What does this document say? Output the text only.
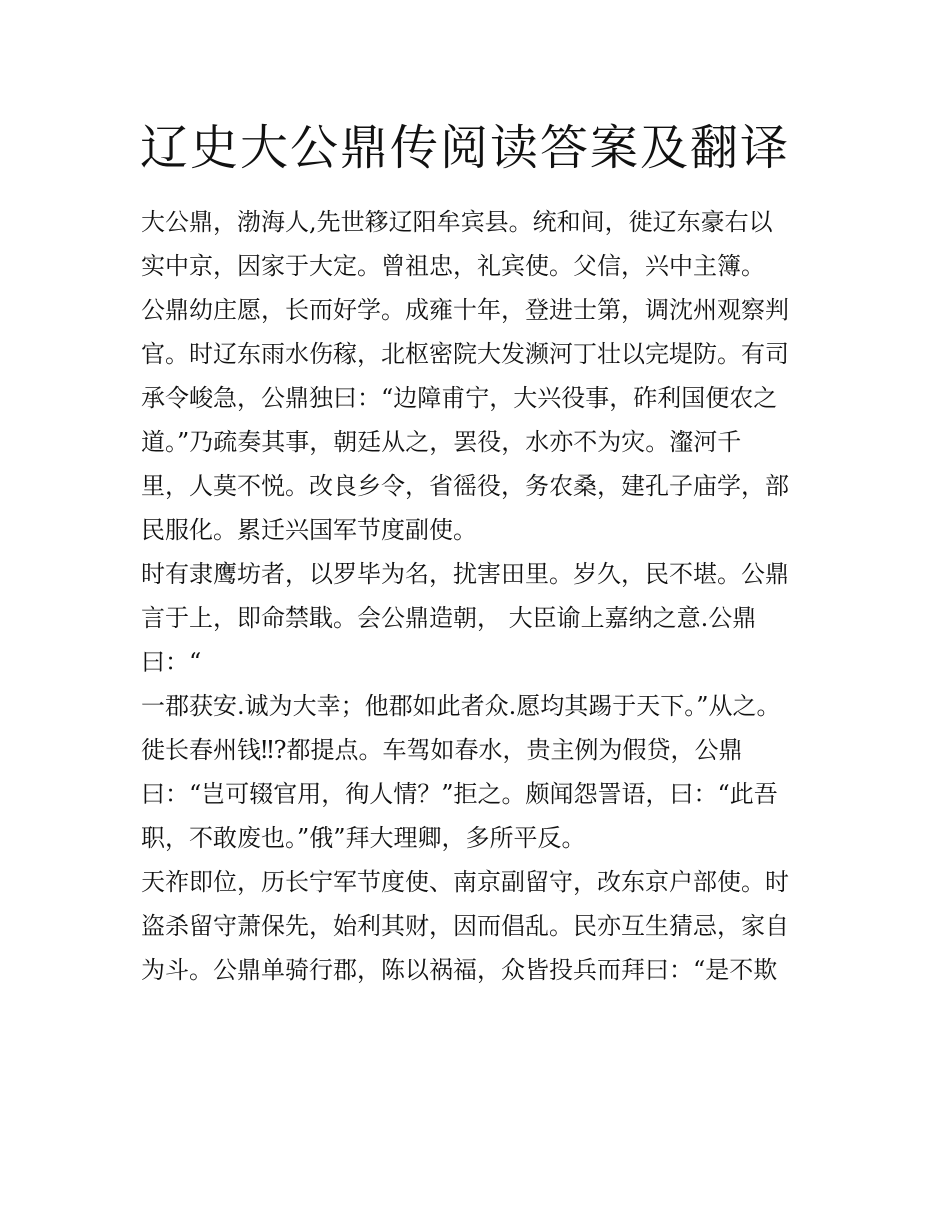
辽史大公鼎传阅读答案及翻译
大公鼎，渤海人,先世簃辽阳牟宾县。统和间，徙辽东豪右以
实中京，因家于大定。曾祖忠，礼宾使。父信，兴中主簿。
公鼎幼庄愿，长而好学。成雍十年，登进士第，调沈州观察判
官。时辽东雨水伤稼，北枢密院大发濒河丁壮以完堤防。有司
承令峻急，公鼎独曰：“边障甫宁，大兴役事，砟利国便农之
道。”乃疏奏其事，朝廷从之，罢役，水亦不为灾。瀣河千
里，人莫不悦。改良乡令，省徭役，务农桑，建孔子庙学，部
民服化。累迁兴国军节度副使。
时有隶鹰坊者，以罗毕为名，扰害田里。岁久，民不堪。公鼎
言于上，即命禁戢。会公鼎造朝， 大臣谕上嘉纳之意.公鼎
曰：“
一郡获安.诚为大幸；他郡如此者众.愿均其踢于天下。”从之。
徙长春州钱‼?都提点。车驾如春水，贵主例为假贷，公鼎
曰：“岂可辍官用，徇人情？”拒之。颇闻怨詈语，曰：“此吾
职，不敢废也。”俄”拜大理卿，多所平反。
天祚即位，历长宁军节度使、南京副留守，改东京户部使。时
盗杀留守萧保先，始利其财，因而倡乱。民亦互生猜忌，家自
为斗。公鼎单骑行郡，陈以祸福，众皆投兵而拜曰：“是不欺
